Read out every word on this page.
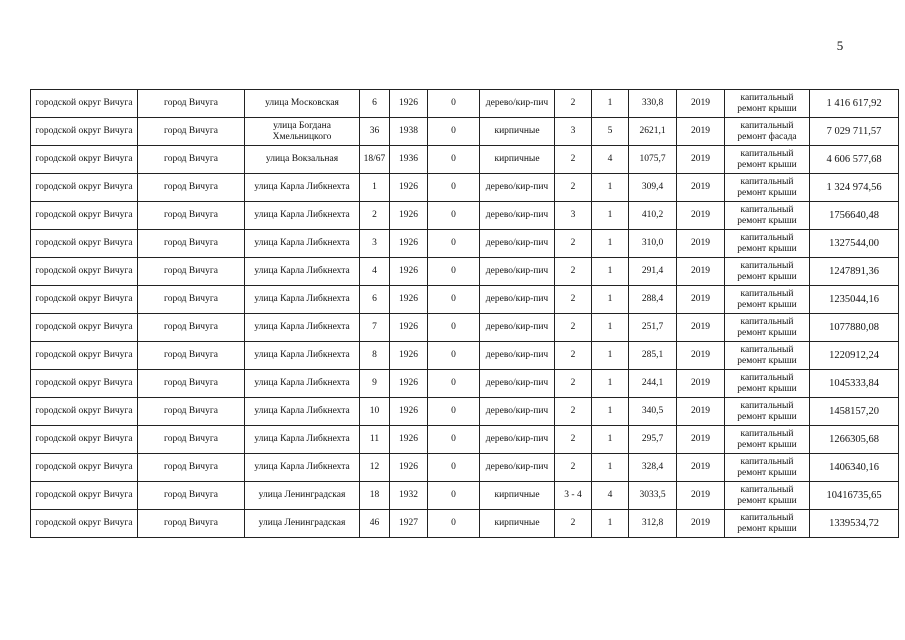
5
городской округ Вичуга	город Вичуга	улица Московская	6	1926	0	дерево/кир-пич	2	1	330,8	2019	капитальный ремонт крыши	1 416 617,92
городской округ Вичуга	город Вичуга	улица Богдана Хмельницкого	36	1938	0	кирпичные	3	5	2621,1	2019	капитальный ремонт фасада	7 029 711,57
городской округ Вичуга	город Вичуга	улица Вокзальная	18/67	1936	0	кирпичные	2	4	1075,7	2019	капитальный ремонт крыши	4 606 577,68
городской округ Вичуга	город Вичуга	улица Карла Либкнехта	1	1926	0	дерево/кир-пич	2	1	309,4	2019	капитальный ремонт крыши	1 324 974,56
городской округ Вичуга	город Вичуга	улица Карла Либкнехта	2	1926	0	дерево/кир-пич	3	1	410,2	2019	капитальный ремонт крыши	1756640,48
городской округ Вичуга	город Вичуга	улица Карла Либкнехта	3	1926	0	дерево/кир-пич	2	1	310,0	2019	капитальный ремонт крыши	1327544,00
городской округ Вичуга	город Вичуга	улица Карла Либкнехта	4	1926	0	дерево/кир-пич	2	1	291,4	2019	капитальный ремонт крыши	1247891,36
городской округ Вичуга	город Вичуга	улица Карла Либкнехта	6	1926	0	дерево/кир-пич	2	1	288,4	2019	капитальный ремонт крыши	1235044,16
городской округ Вичуга	город Вичуга	улица Карла Либкнехта	7	1926	0	дерево/кир-пич	2	1	251,7	2019	капитальный ремонт крыши	1077880,08
городской округ Вичуга	город Вичуга	улица Карла Либкнехта	8	1926	0	дерево/кир-пич	2	1	285,1	2019	капитальный ремонт крыши	1220912,24
городской округ Вичуга	город Вичуга	улица Карла Либкнехта	9	1926	0	дерево/кир-пич	2	1	244,1	2019	капитальный ремонт крыши	1045333,84
городской округ Вичуга	город Вичуга	улица Карла Либкнехта	10	1926	0	дерево/кир-пич	2	1	340,5	2019	капитальный ремонт крыши	1458157,20
городской округ Вичуга	город Вичуга	улица Карла Либкнехта	11	1926	0	дерево/кир-пич	2	1	295,7	2019	капитальный ремонт крыши	1266305,68
городской округ Вичуга	город Вичуга	улица Карла Либкнехта	12	1926	0	дерево/кир-пич	2	1	328,4	2019	капитальный ремонт крыши	1406340,16
городской округ Вичуга	город Вичуга	улица Ленинградская	18	1932	0	кирпичные	3 - 4	4	3033,5	2019	капитальный ремонт крыши	10416735,65
городской округ Вичуга	город Вичуга	улица Ленинградская	46	1927	0	кирпичные	2	1	312,8	2019	капитальный ремонт крыши	1339534,72
